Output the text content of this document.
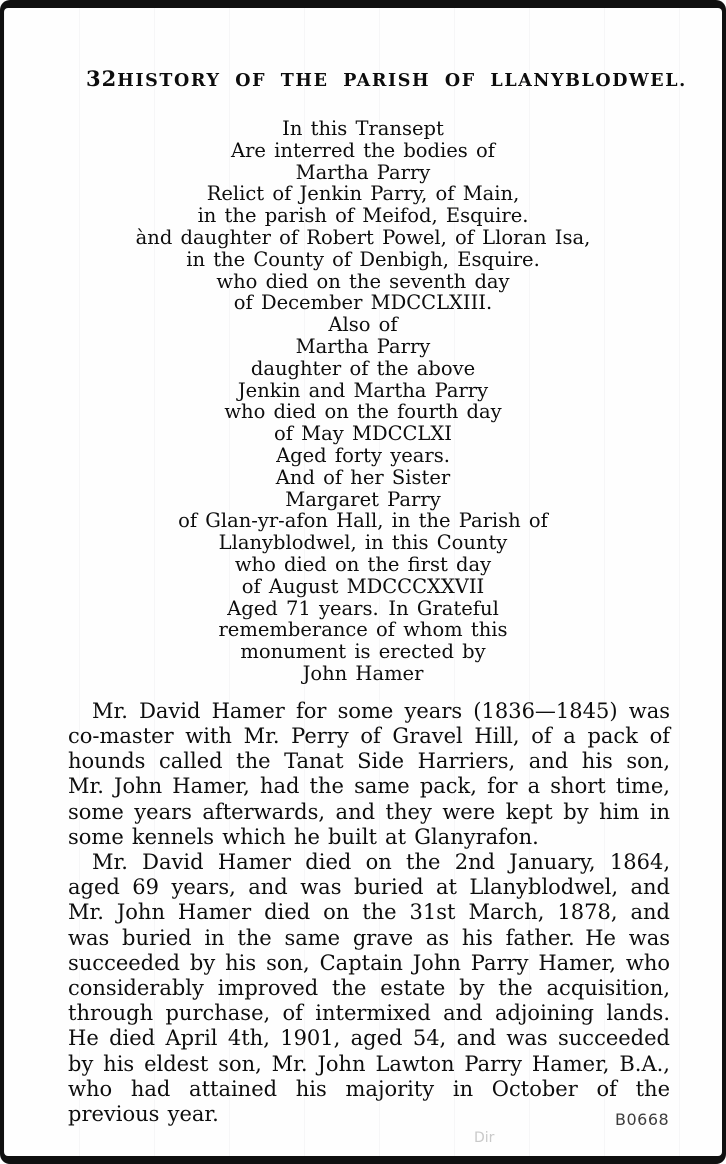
32 HISTORY OF THE PARISH OF LLANYBLODWEL.
In this Transept
Are interred the bodies of
Martha Parry
Relict of Jenkin Parry, of Main,
in the parish of Meifod, Esquire.
ànd daughter of Robert Powel, of Lloran Isa,
in the County of Denbigh, Esquire.
who died on the seventh day
of December MDCCLXIII.
Also of
Martha Parry
daughter of the above
Jenkin and Martha Parry
who died on the fourth day
of May MDCCLXI
Aged forty years.
And of her Sister
Margaret Parry
of Glan-yr-afon Hall, in the Parish of
Llanyblodwel, in this County
who died on the first day
of August MDCCCXXVII
Aged 71 years. In Grateful
rememberance of whom this
monument is erected by
John Hamer

Mr. David Hamer for some years (1836—1845) was co-master with Mr. Perry of Gravel Hill, of a pack of hounds called the Tanat Side Harriers, and his son, Mr. John Hamer, had the same pack, for a short time, some years afterwards, and they were kept by him in some kennels which he built at Glanyrafon.

Mr. David Hamer died on the 2nd January, 1864, aged 69 years, and was buried at Llanyblodwel, and Mr. John Hamer died on the 31st March, 1878, and was buried in the same grave as his father. He was succeeded by his son, Captain John Parry Hamer, who considerably improved the estate by the acquisition, through purchase, of intermixed and adjoining lands. He died April 4th, 1901, aged 54, and was succeeded by his eldest son, Mr. John Lawton Parry Hamer, B.A., who had attained his majority in October of the previous year.	B0668
Dir
